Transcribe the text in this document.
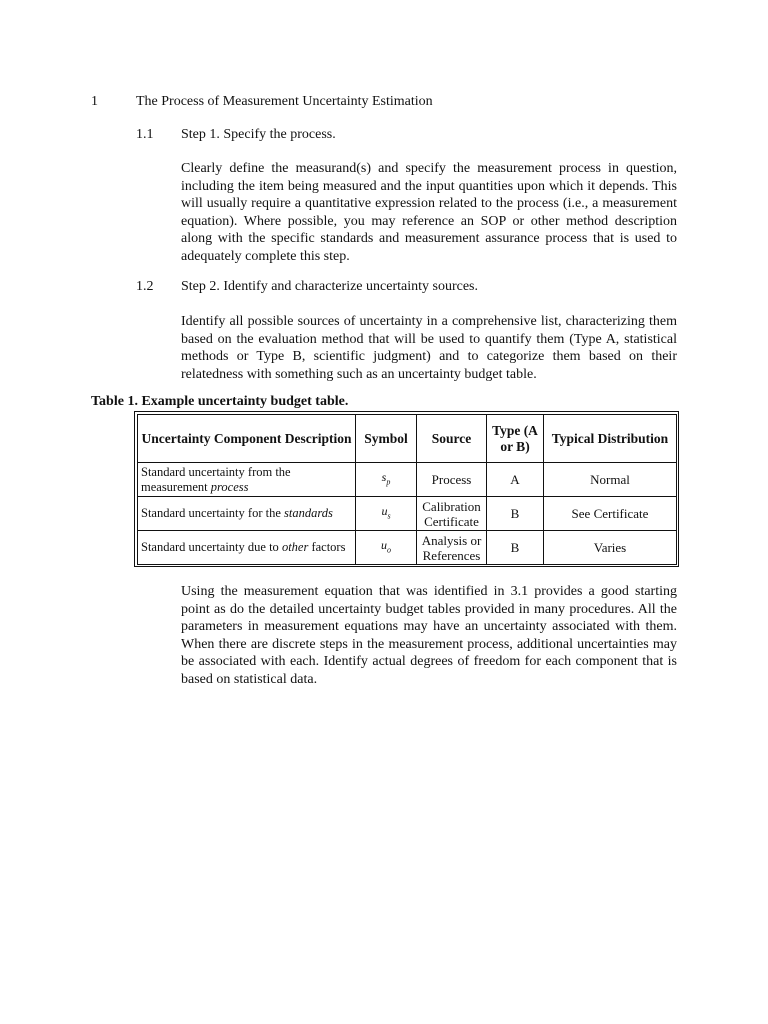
1	The Process of Measurement Uncertainty Estimation
1.1 Step 1. Specify the process.
Clearly define the measurand(s) and specify the measurement process in question, including the item being measured and the input quantities upon which it depends. This will usually require a quantitative expression related to the process (i.e., a measurement equation). Where possible, you may reference an SOP or other method description along with the specific standards and measurement assurance process that is used to adequately complete this step.
1.2 Step 2. Identify and characterize uncertainty sources.
Identify all possible sources of uncertainty in a comprehensive list, characterizing them based on the evaluation method that will be used to quantify them (Type A, statistical methods or Type B, scientific judgment) and to categorize them based on their relatedness with something such as an uncertainty budget table.
Table 1. Example uncertainty budget table.
Uncertainty Component Description	Symbol	Source	Type (A or B)	Typical Distribution
Standard uncertainty from the measurement process	$s_p$	Process	A	Normal
Standard uncertainty for the standards	$u_s$	Calibration Certificate	B	See Certificate
Standard uncertainty due to other factors	$u_o$	Analysis or References	B	Varies
Using the measurement equation that was identified in 3.1 provides a good starting point as do the detailed uncertainty budget tables provided in many procedures. All the parameters in measurement equations may have an uncertainty associated with them. When there are discrete steps in the measurement process, additional uncertainties may be associated with each. Identify actual degrees of freedom for each component that is based on statistical data.
